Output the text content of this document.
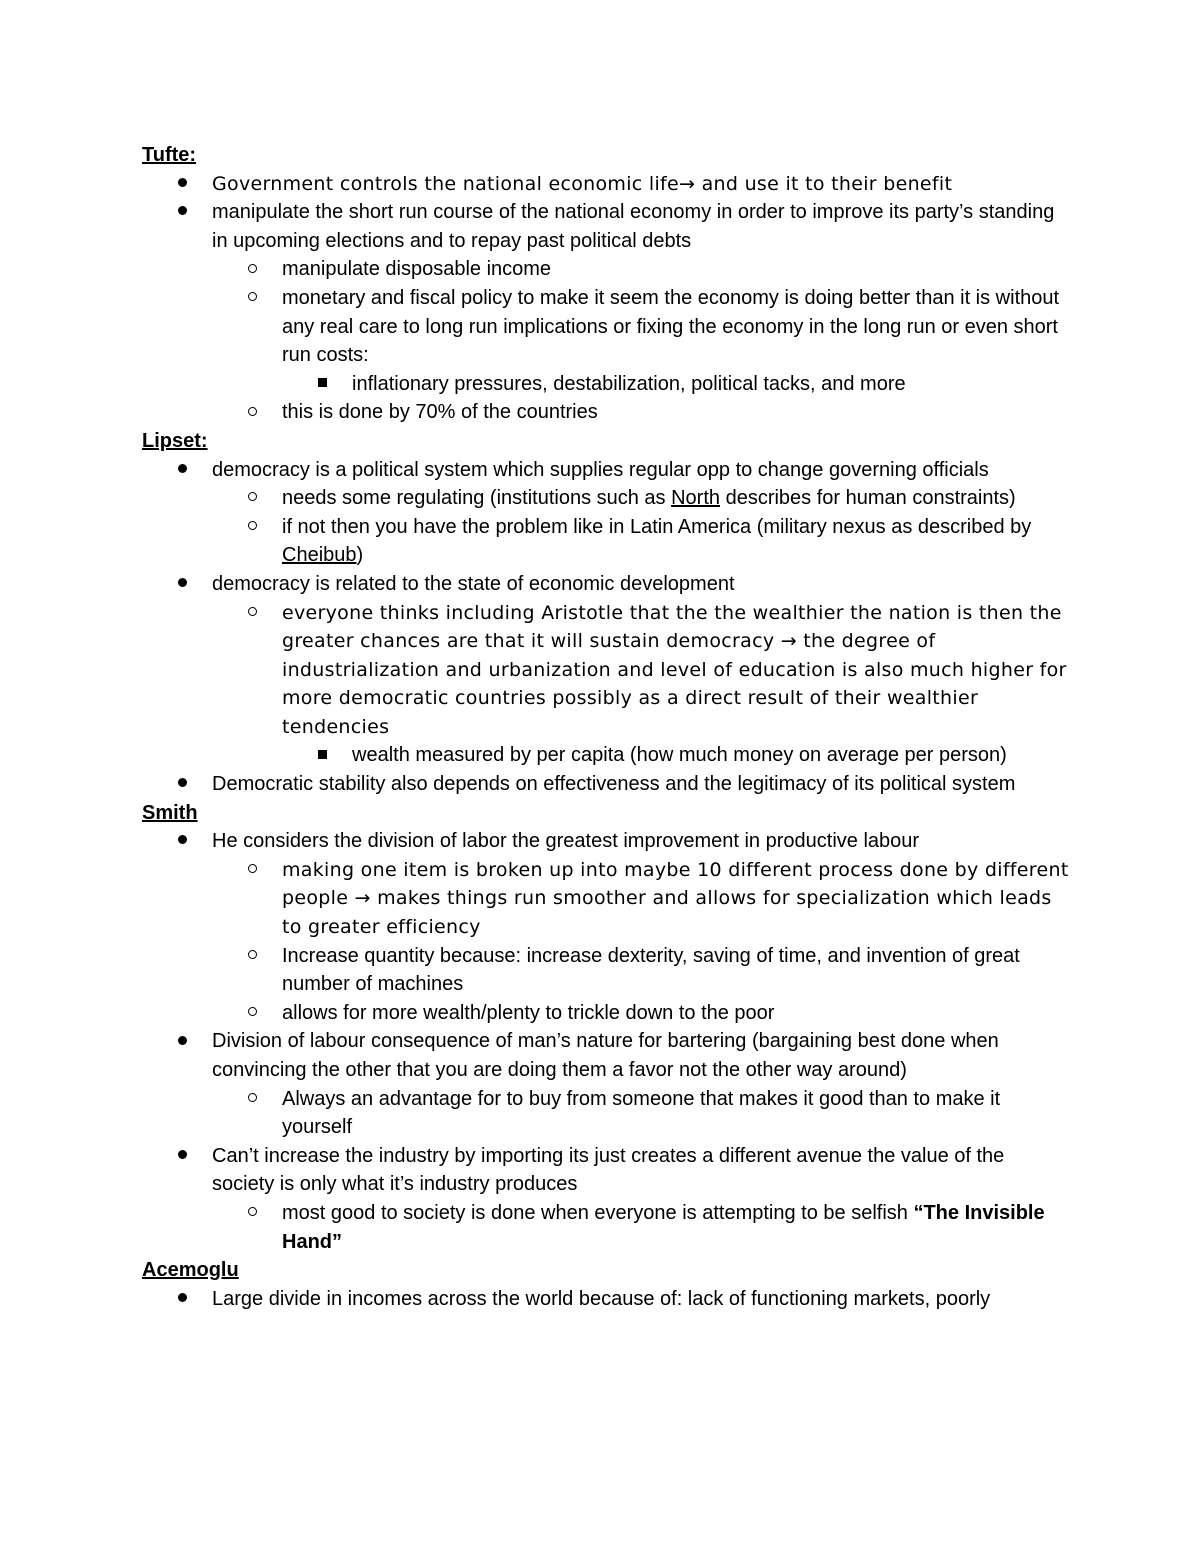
Tufte:
Government controls the national economic life→ and use it to their benefit
manipulate the short run course of the national economy in order to improve its party’s standing in upcoming elections and to repay past political debts
manipulate disposable income
monetary and fiscal policy to make it seem the economy is doing better than it is without any real care to long run implications or fixing the economy in the long run or even short run costs:
inflationary pressures, destabilization, political tacks, and more
this is done by 70% of the countries
Lipset:
democracy is a political system which supplies regular opp to change governing officials
needs some regulating (institutions such as North describes for human constraints)
if not then you have the problem like in Latin America (military nexus as described by Cheibub)
democracy is related to the state of economic development
everyone thinks including Aristotle that the the wealthier the nation is then the greater chances are that it will sustain democracy → the degree of industrialization and urbanization and level of education is also much higher for more democratic countries possibly as a direct result of their wealthier tendencies
wealth measured by per capita (how much money on average per person)
Democratic stability also depends on effectiveness and the legitimacy of its political system
Smith
He considers the division of labor the greatest improvement in productive labour
making one item is broken up into maybe 10 different process done by different people → makes things run smoother and allows for specialization which leads to greater efficiency
Increase quantity because: increase dexterity, saving of time, and invention of great number of machines
allows for more wealth/plenty to trickle down to the poor
Division of labour consequence of man’s nature for bartering (bargaining best done when convincing the other that you are doing them a favor not the other way around)
Always an advantage for to buy from someone that makes it good than to make it yourself
Can’t increase the industry by importing its just creates a different avenue the value of the society is only what it’s industry produces
most good to society is done when everyone is attempting to be selfish “The Invisible Hand”
Acemoglu
Large divide in incomes across the world because of: lack of functioning markets, poorly
